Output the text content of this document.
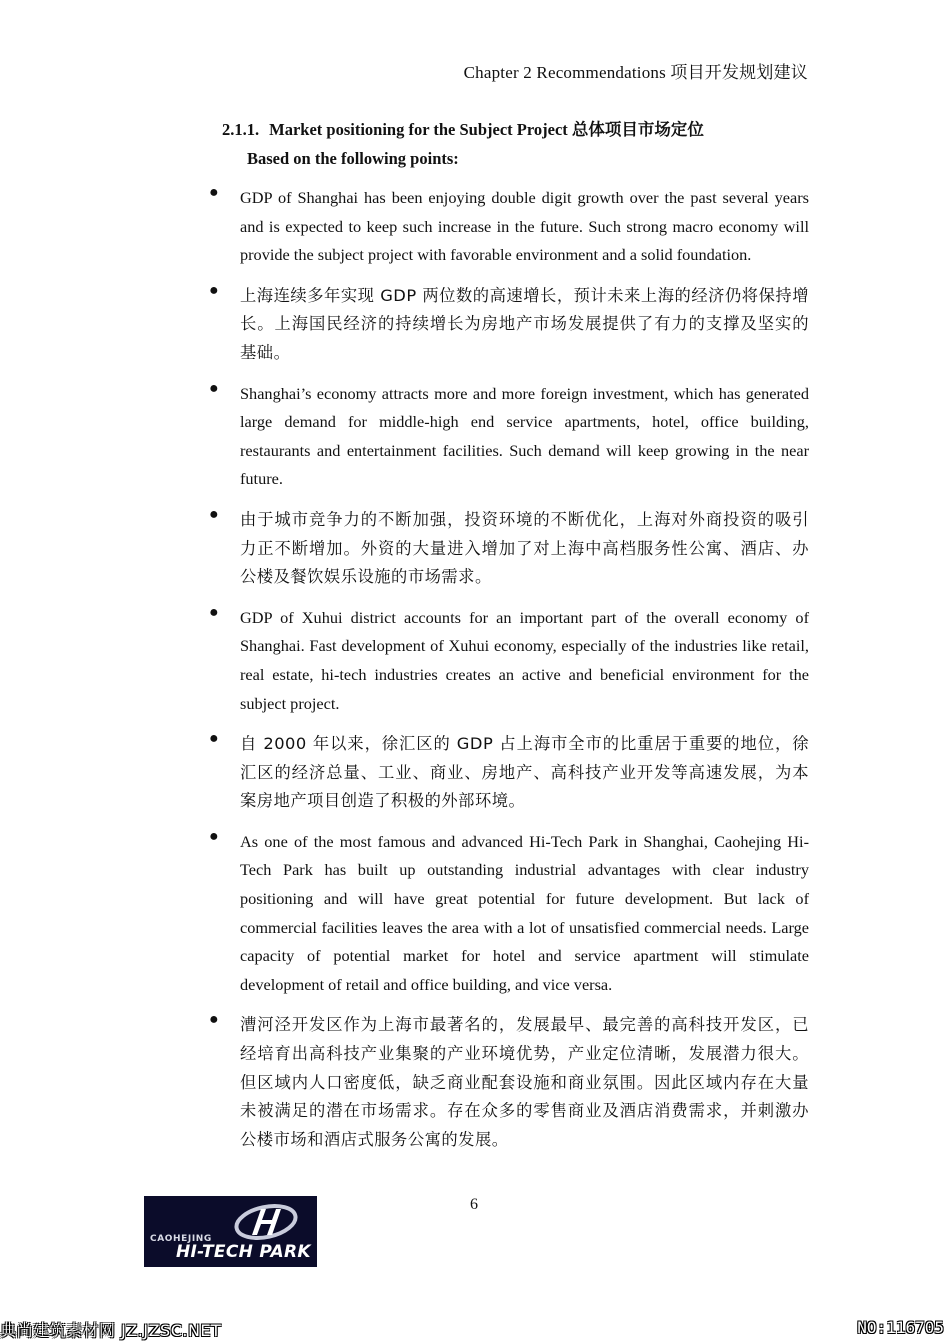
Chapter 2 Recommendations 项目开发规划建议
2.1.1. Market positioning for the Subject Project 总体项目市场定位
Based on the following points:
● GDP of Shanghai has been enjoying double digit growth over the past several years and is expected to keep such increase in the future. Such strong macro economy will provide the subject project with favorable environment and a solid foundation.
● 上海连续多年实现 GDP 两位数的高速增长，预计未来上海的经济仍将保持增长。上海国民经济的持续增长为房地产市场发展提供了有力的支撑及坚实的基础。
● Shanghai’s economy attracts more and more foreign investment, which has generated large demand for middle-high end service apartments, hotel, office building, restaurants and entertainment facilities. Such demand will keep growing in the near future.
● 由于城市竞争力的不断加强，投资环境的不断优化，上海对外商投资的吸引力正不断增加。外资的大量进入增加了对上海中高档服务性公寓、酒店、办公楼及餐饮娱乐设施的市场需求。
● GDP of Xuhui district accounts for an important part of the overall economy of Shanghai. Fast development of Xuhui economy, especially of the industries like retail, real estate, hi-tech industries creates an active and beneficial environment for the subject project.
● 自 2000 年以来，徐汇区的 GDP 占上海市全市的比重居于重要的地位，徐汇区的经济总量、工业、商业、房地产、高科技产业开发等高速发展，为本案房地产项目创造了积极的外部环境。
● As one of the most famous and advanced Hi-Tech Park in Shanghai, Caohejing Hi-Tech Park has built up outstanding industrial advantages with clear industry positioning and will have great potential for future development. But lack of commercial facilities leaves the area with a lot of unsatisfied commercial needs. Large capacity of potential market for hotel and service apartment will stimulate development of retail and office building, and vice versa.
● 漕河泾开发区作为上海市最著名的，发展最早、最完善的高科技开发区，已经培育出高科技产业集聚的产业环境优势，产业定位清晰，发展潜力很大。但区域内人口密度低，缺乏商业配套设施和商业氛围。因此区域内存在大量未被满足的潜在市场需求。存在众多的零售商业及酒店消费需求，并刺激办公楼市场和酒店式服务公寓的发展。
6
CAOHEJING
HI-TECH PARK
典尚建筑素材网 JZ.JZSC.NET	NO:116705
